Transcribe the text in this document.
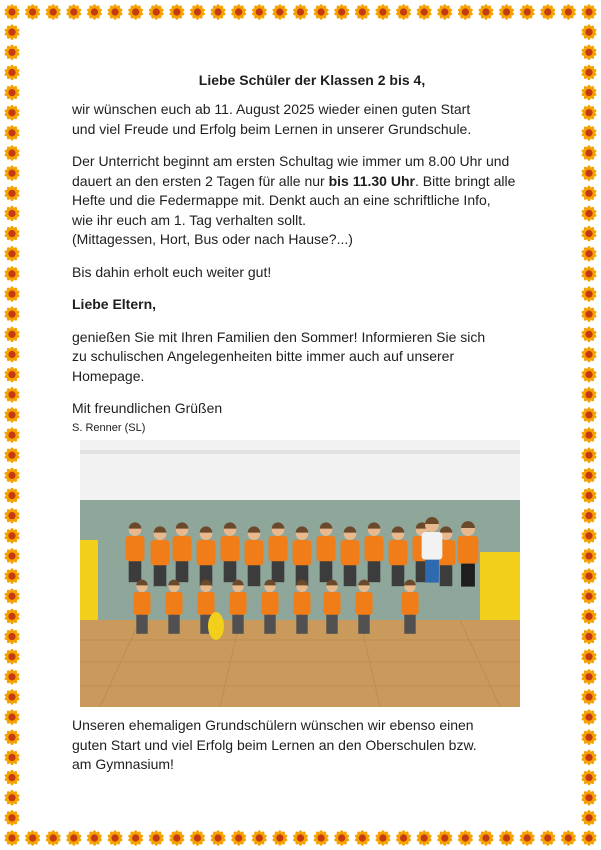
Liebe Schüler der Klassen 2 bis 4,

wir wünschen euch ab 11. August 2025 wieder einen guten Start

und viel Freude und Erfolg beim Lernen in unserer Grundschule.

Der Unterricht beginnt am ersten Schultag wie immer um 8.00 Uhr und

dauert an den ersten 2 Tagen für alle nur bis 11.30 Uhr. Bitte bringt alle

Hefte und die Federmappe mit. Denkt auch an eine schriftliche Info,

wie ihr euch am 1. Tag verhalten sollt.

(Mittagessen, Hort, Bus oder nach Hause?...)

Bis dahin erholt euch weiter gut!

Liebe Eltern,

genießen Sie mit Ihren Familien den Sommer! Informieren Sie sich

zu schulischen Angelegenheiten bitte immer auch auf unserer

Homepage.

Mit freundlichen Grüßen

S. Renner (SL)

Unseren ehemaligen Grundschülern wünschen wir ebenso einen

guten Start und viel Erfolg beim Lernen an den Oberschulen bzw.

am Gymnasium!
